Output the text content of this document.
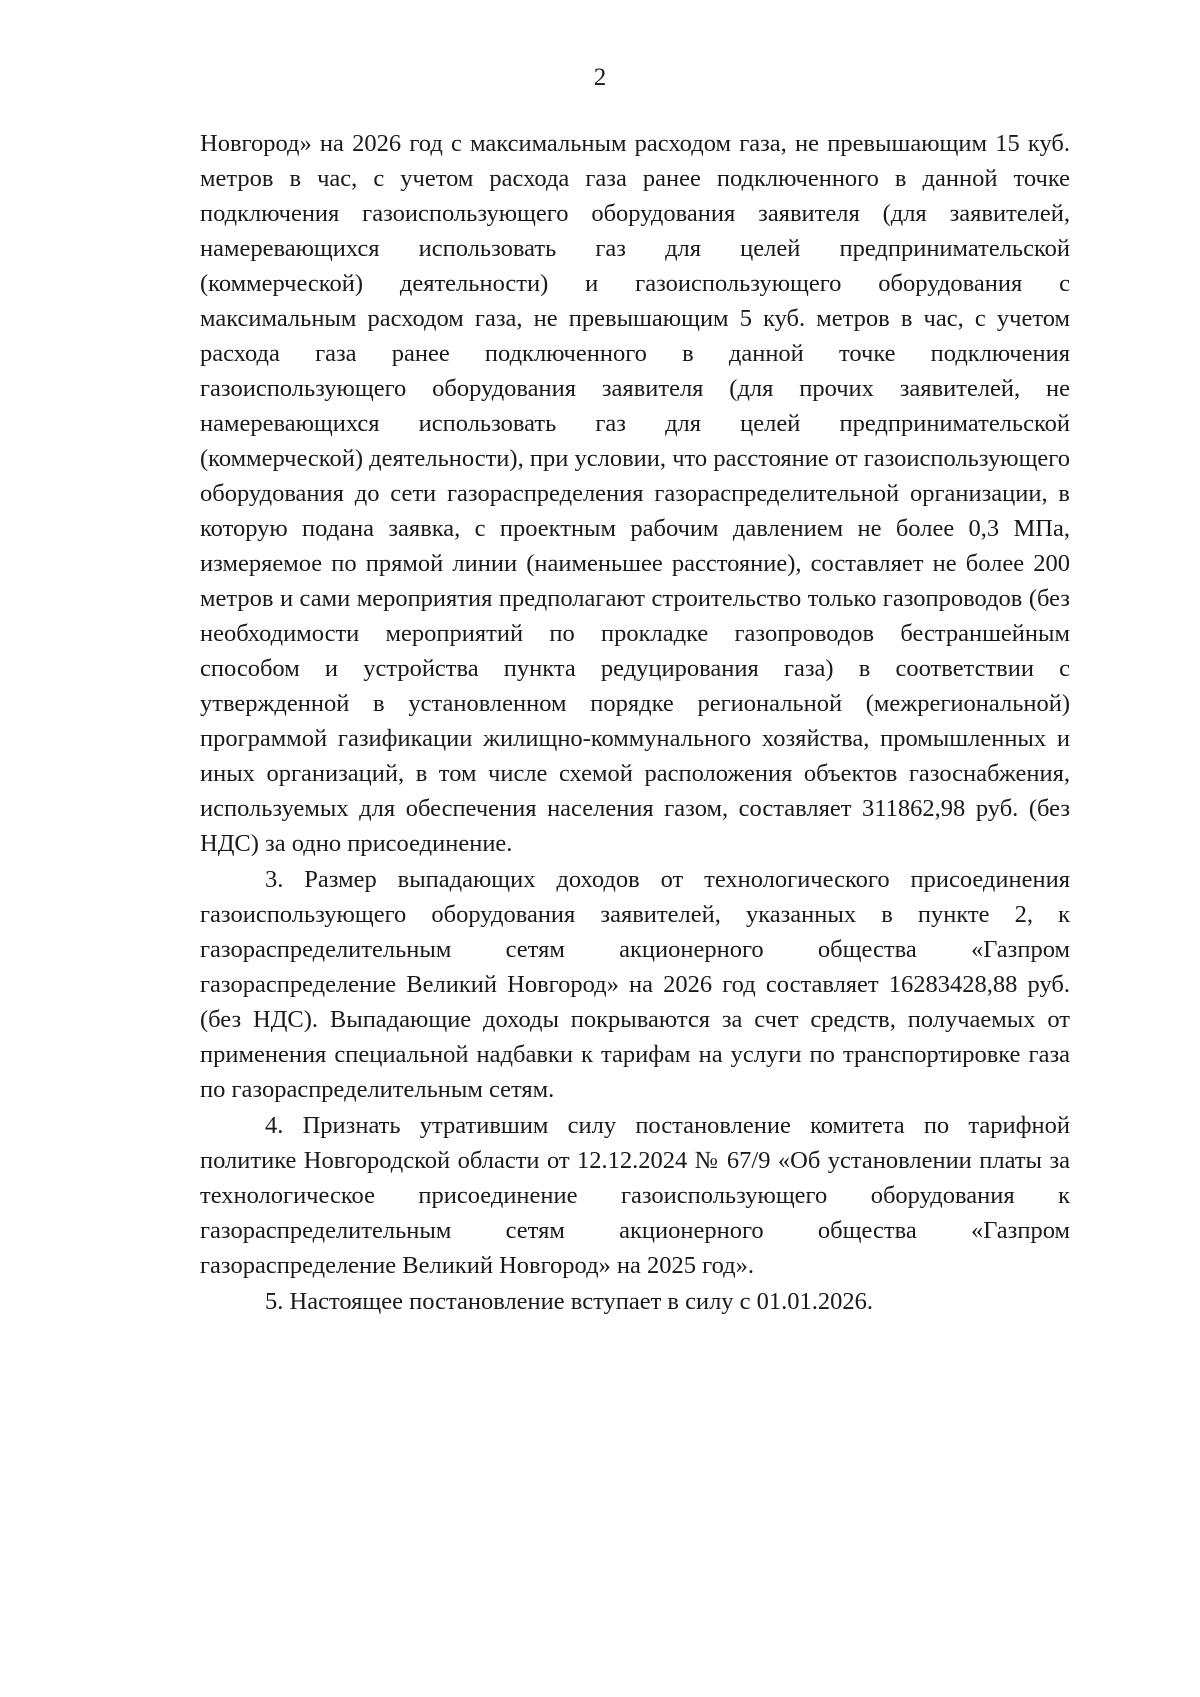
2

Новгород» на 2026 год с максимальным расходом газа, не превышающим 15 куб. метров в час, с учетом расхода газа ранее подключенного в данной точке подключения газоиспользующего оборудования заявителя (для заявителей, намеревающихся использовать газ для целей предпринимательской (коммерческой) деятельности) и газоиспользующего оборудования с максимальным расходом газа, не превышающим 5 куб. метров в час, с учетом расхода газа ранее подключенного в данной точке подключения газоиспользующего оборудования заявителя (для прочих заявителей, не намеревающихся использовать газ для целей предпринимательской (коммерческой) деятельности), при условии, что расстояние от газоиспользующего оборудования до сети газораспределения газораспределительной организации, в которую подана заявка, с проектным рабочим давлением не более 0,3 МПа, измеряемое по прямой линии (наименьшее расстояние), составляет не более 200 метров и сами мероприятия предполагают строительство только газопроводов (без необходимости мероприятий по прокладке газопроводов бестраншейным способом и устройства пункта редуцирования газа) в соответствии с утвержденной в установленном порядке региональной (межрегиональной) программой газификации жилищно-коммунального хозяйства, промышленных и иных организаций, в том числе схемой расположения объектов газоснабжения, используемых для обеспечения населения газом, составляет 311862,98 руб. (без НДС) за одно присоединение.

3. Размер выпадающих доходов от технологического присоединения газоиспользующего оборудования заявителей, указанных в пункте 2, к газораспределительным сетям акционерного общества «Газпром газораспределение Великий Новгород» на 2026 год составляет 16283428,88 руб. (без НДС). Выпадающие доходы покрываются за счет средств, получаемых от применения специальной надбавки к тарифам на услуги по транспортировке газа по газораспределительным сетям.

4. Признать утратившим силу постановление комитета по тарифной политике Новгородской области от 12.12.2024 № 67/9 «Об установлении платы за технологическое присоединение газоиспользующего оборудования к газораспределительным сетям акционерного общества «Газпром газораспределение Великий Новгород» на 2025 год».

5. Настоящее постановление вступает в силу с 01.01.2026.
